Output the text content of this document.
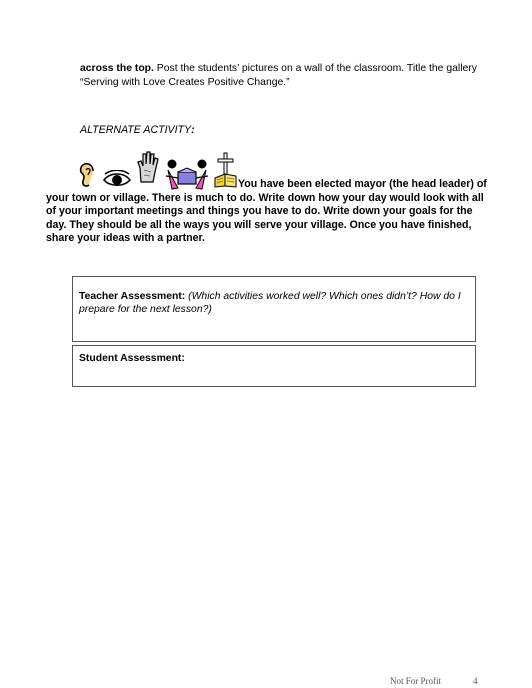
across the top. Post the students’ pictures on a wall of the classroom. Title the gallery “Serving with Love Creates Positive Change.”
ALTERNATE ACTIVITY:
You have been elected mayor (the head leader) of
your town or village. There is much to do. Write down how your day would look with all of your important meetings and things you have to do. Write down your goals for the day. They should be all the ways you will serve your village. Once you have finished, share your ideas with a partner.
Teacher Assessment: (Which activities worked well? Which ones didn’t? How do I prepare for the next lesson?)
Student Assessment:
Not For Profit	4
